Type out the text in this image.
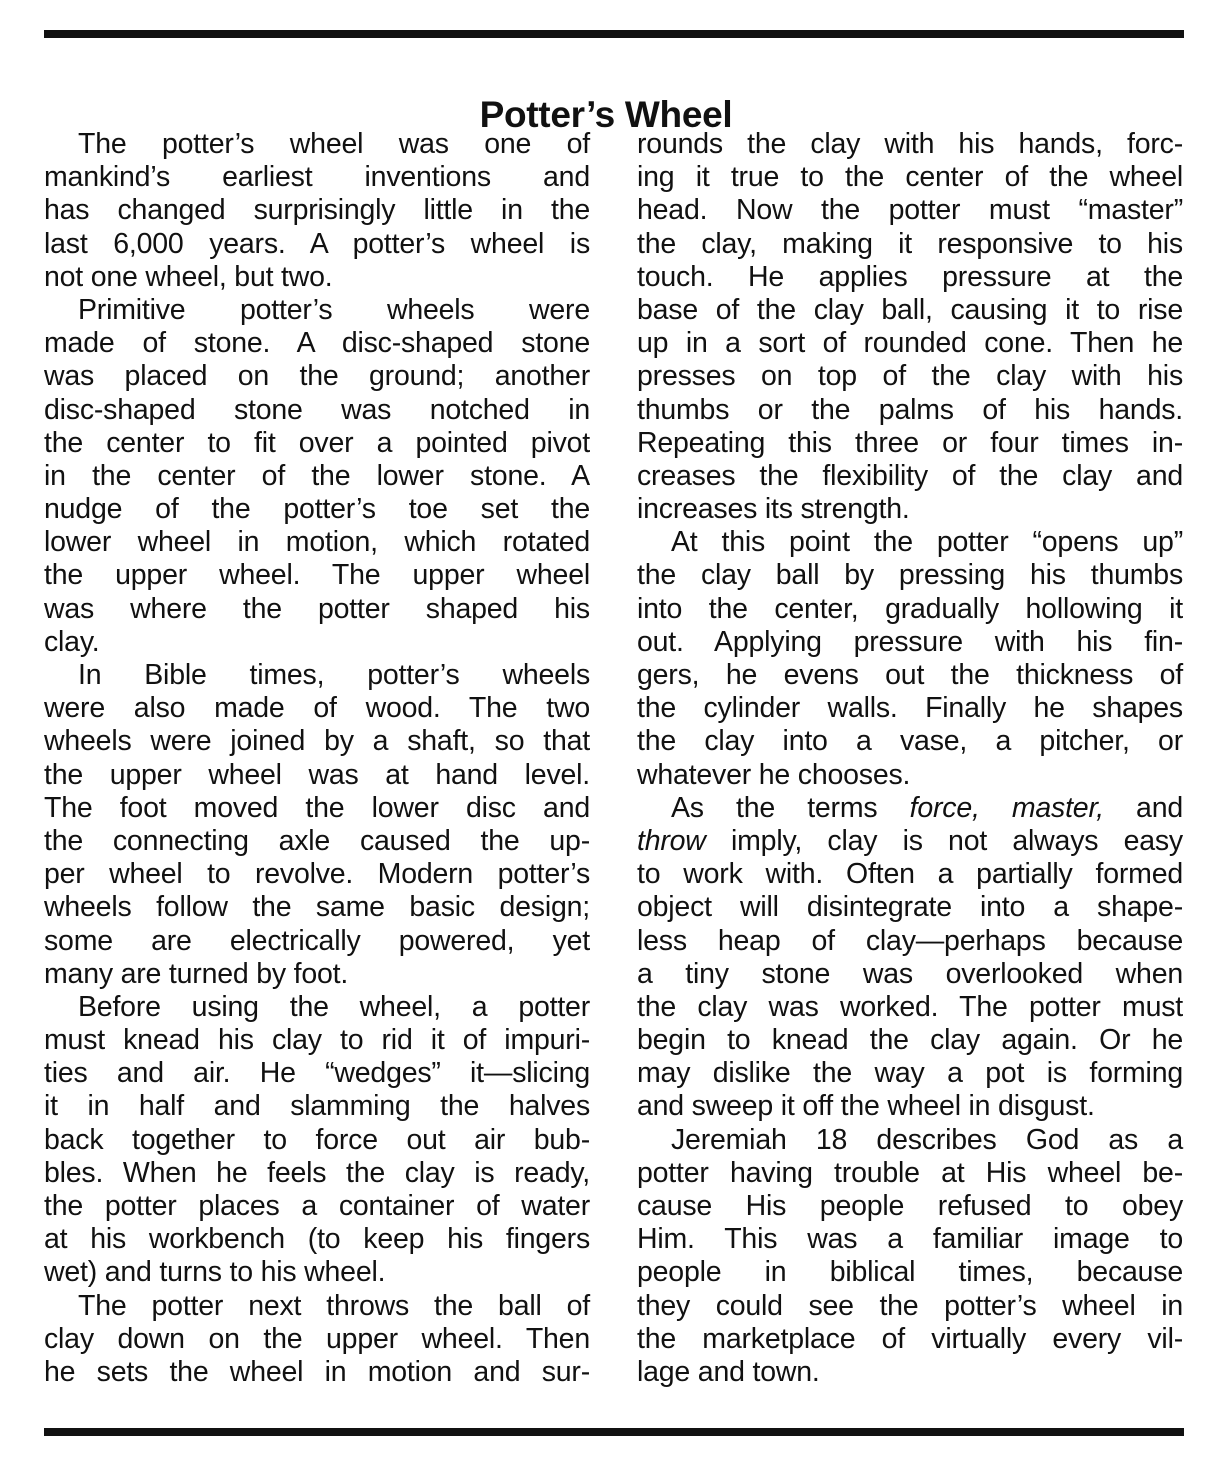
Potter’s Wheel
The potter’s wheel was one of
mankind’s earliest inventions and
has changed surprisingly little in the
last 6,000 years. A potter’s wheel is
not one wheel, but two.
Primitive potter’s wheels were
made of stone. A disc-shaped stone
was placed on the ground; another
disc-shaped stone was notched in
the center to fit over a pointed pivot
in the center of the lower stone. A
nudge of the potter’s toe set the
lower wheel in motion, which rotated
the upper wheel. The upper wheel
was where the potter shaped his
clay.
In Bible times, potter’s wheels
were also made of wood. The two
wheels were joined by a shaft, so that
the upper wheel was at hand level.
The foot moved the lower disc and
the connecting axle caused the up-
per wheel to revolve. Modern potter’s
wheels follow the same basic design;
some are electrically powered, yet
many are turned by foot.
Before using the wheel, a potter
must knead his clay to rid it of impuri-
ties and air. He “wedges” it—slicing
it in half and slamming the halves
back together to force out air bub-
bles. When he feels the clay is ready,
the potter places a container of water
at his workbench (to keep his fingers
wet) and turns to his wheel.
The potter next throws the ball of
clay down on the upper wheel. Then
he sets the wheel in motion and sur-
rounds the clay with his hands, forc-
ing it true to the center of the wheel
head. Now the potter must “master”
the clay, making it responsive to his
touch. He applies pressure at the
base of the clay ball, causing it to rise
up in a sort of rounded cone. Then he
presses on top of the clay with his
thumbs or the palms of his hands.
Repeating this three or four times in-
creases the flexibility of the clay and
increases its strength.
At this point the potter “opens up”
the clay ball by pressing his thumbs
into the center, gradually hollowing it
out. Applying pressure with his fin-
gers, he evens out the thickness of
the cylinder walls. Finally he shapes
the clay into a vase, a pitcher, or
whatever he chooses.
As the terms force, master, and
throw imply, clay is not always easy
to work with. Often a partially formed
object will disintegrate into a shape-
less heap of clay—perhaps because
a tiny stone was overlooked when
the clay was worked. The potter must
begin to knead the clay again. Or he
may dislike the way a pot is forming
and sweep it off the wheel in disgust.
Jeremiah 18 describes God as a
potter having trouble at His wheel be-
cause His people refused to obey
Him. This was a familiar image to
people in biblical times, because
they could see the potter’s wheel in
the marketplace of virtually every vil-
lage and town.
